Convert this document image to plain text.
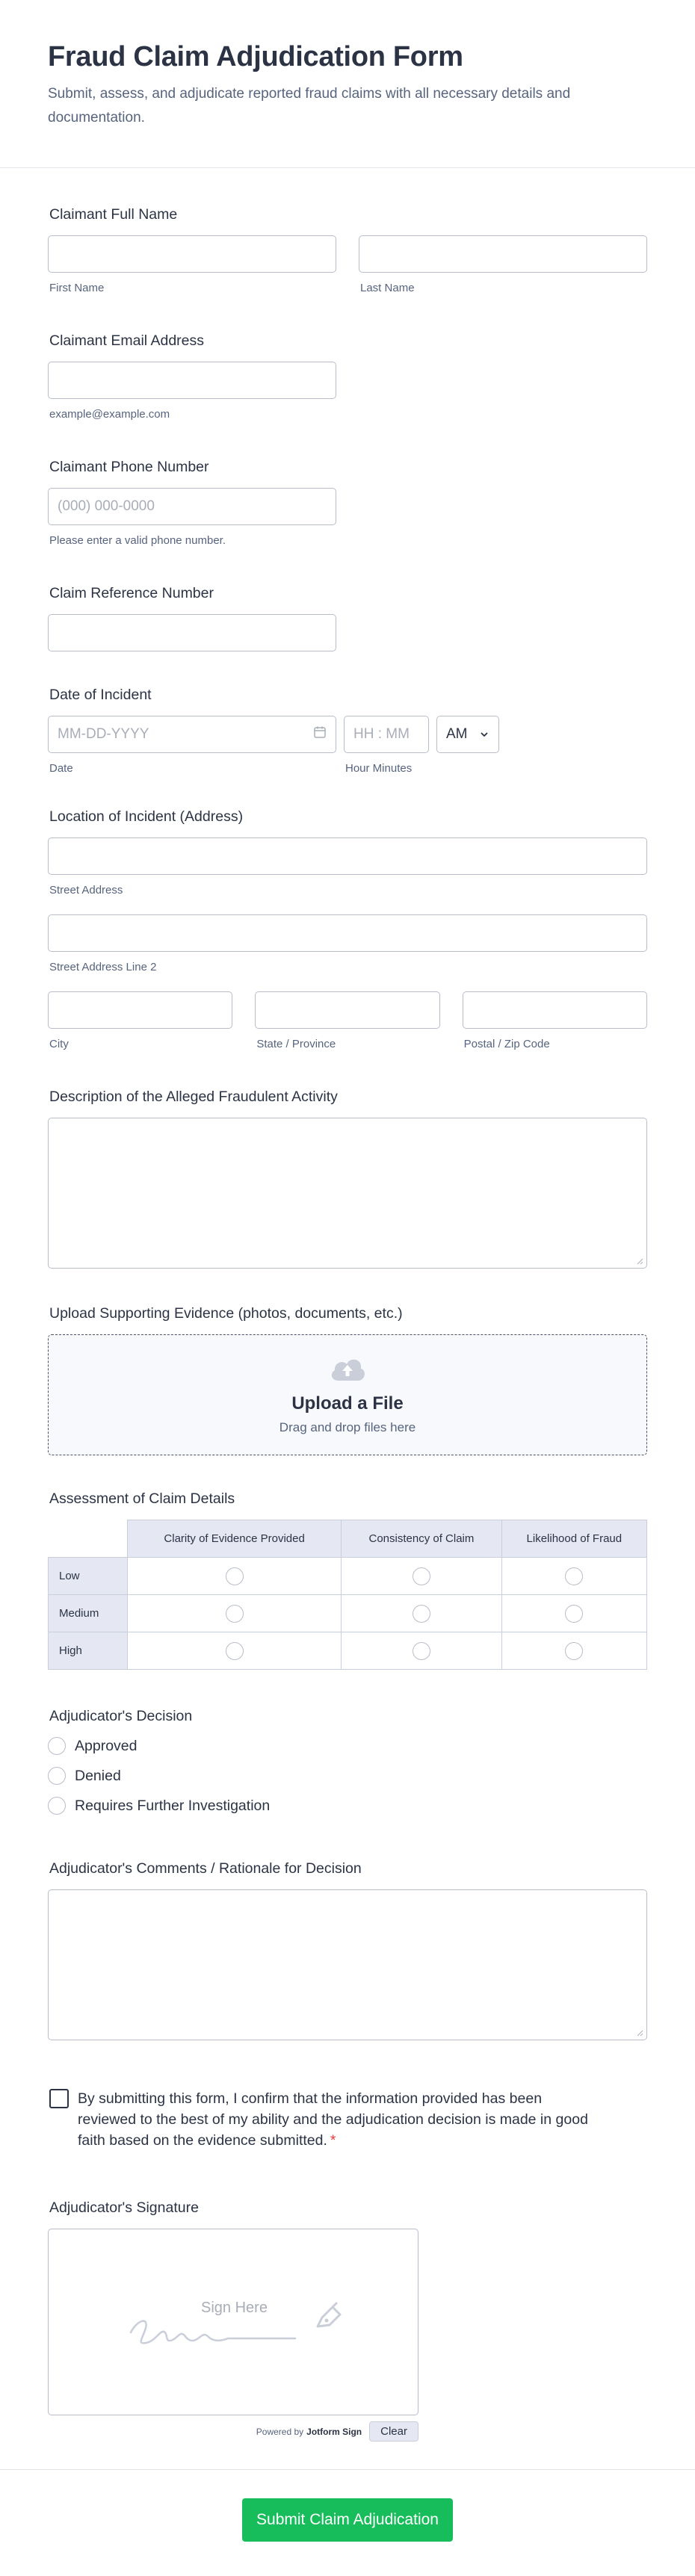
Fraud Claim Adjudication Form

Submit, assess, and adjudicate reported fraud claims with all necessary details and documentation.

Claimant Full Name
First Name	Last Name
Claimant Email Address
example@example.com
Claimant Phone Number
(000) 000-0000
Please enter a valid phone number.
Claim Reference Number
Date of Incident
MM-DD-YYYY
Date
HH : MM
Hour Minutes
AM
Location of Incident (Address)
Street Address
Street Address Line 2
City	State / Province	Postal / Zip Code
Description of the Alleged Fraudulent Activity
Upload Supporting Evidence (photos, documents, etc.)
Upload a File
Drag and drop files here
Assessment of Claim Details
	Clarity of Evidence Provided	Consistency of Claim	Likelihood of Fraud
Low			
Medium			
High			
Adjudicator's Decision
Approved
Denied
Requires Further Investigation
Adjudicator's Comments / Rationale for Decision
By submitting this form, I confirm that the information provided has been reviewed to the best of my ability and the adjudication decision is made in good faith based on the evidence submitted. *
Adjudicator's Signature
Sign Here
Powered by Jotform Sign	Clear
Submit Claim Adjudication
